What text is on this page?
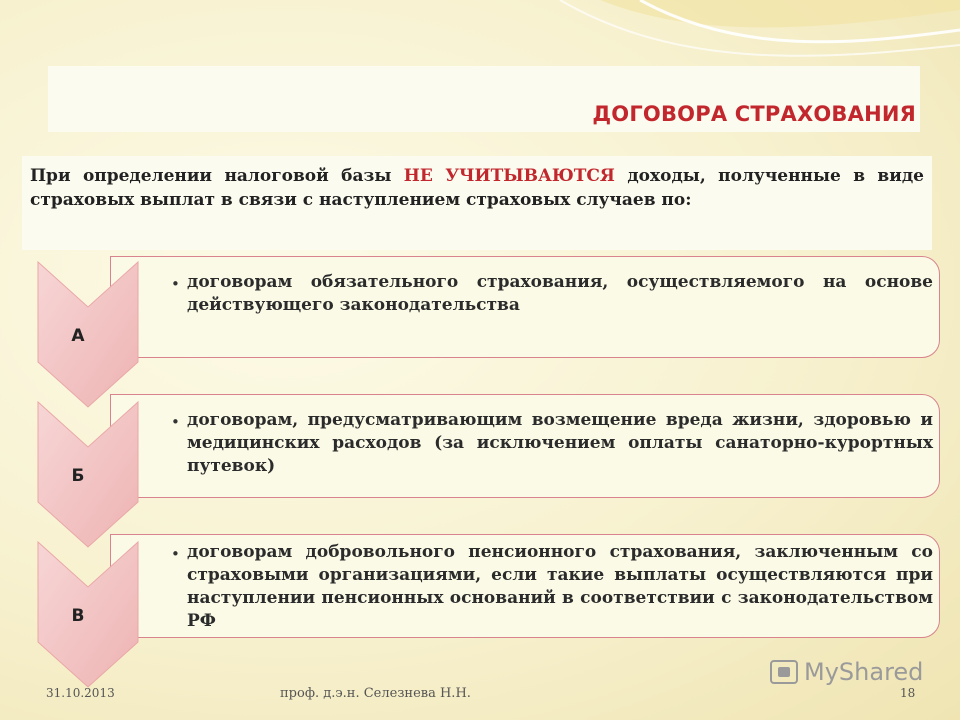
ДОГОВОРА СТРАХОВАНИЯ
При определении налоговой базы НЕ УЧИТЫВАЮТСЯ доходы, полученные в виде страховых выплат в связи с наступлением страховых случаев по:
• договорам обязательного страхования, осуществляемого на основе действующего законодательства
А
• договорам, предусматривающим возмещение вреда жизни, здоровью и медицинских расходов (за исключением оплаты санаторно-курортных путевок)
Б
• договорам добровольного пенсионного страхования, заключенным со страховыми организациями, если такие выплаты осуществляются при наступлении пенсионных оснований в соответствии с законодательством РФ
В
31.10.2013	проф. д.э.н. Селезнева Н.Н.	18
MyShared
